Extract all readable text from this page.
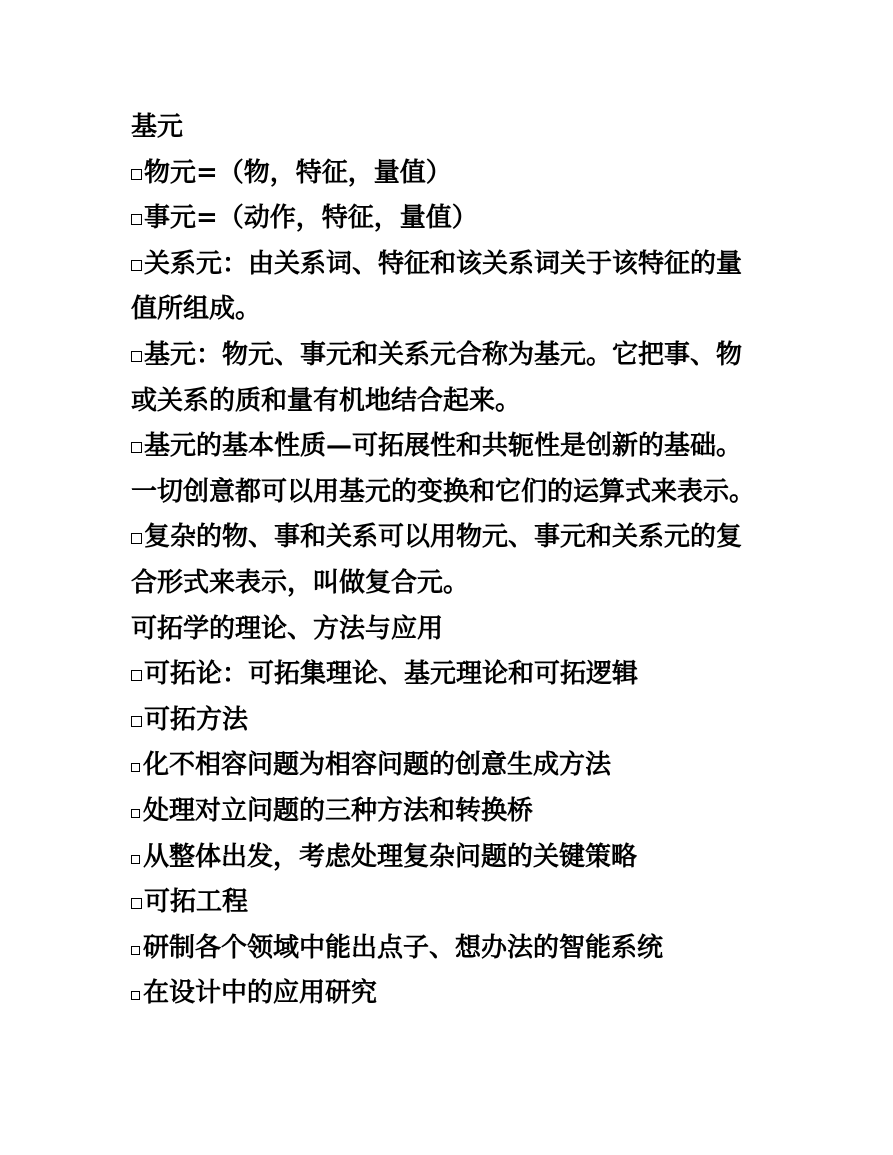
基元
物元=（物，特征，量值）
事元=（动作，特征，量值）
关系元：由关系词、特征和该关系词关于该特征的量
值所组成。
基元：物元、事元和关系元合称为基元。它把事、物
或关系的质和量有机地结合起来。
基元的基本性质—可拓展性和共轭性是创新的基础。
一切创意都可以用基元的变换和它们的运算式来表示。
复杂的物、事和关系可以用物元、事元和关系元的复
合形式来表示，叫做复合元。
可拓学的理论、方法与应用
可拓论：可拓集理论、基元理论和可拓逻辑
可拓方法
化不相容问题为相容问题的创意生成方法
处理对立问题的三种方法和转换桥
从整体出发，考虑处理复杂问题的关键策略
可拓工程
研制各个领域中能出点子、想办法的智能系统
在设计中的应用研究
